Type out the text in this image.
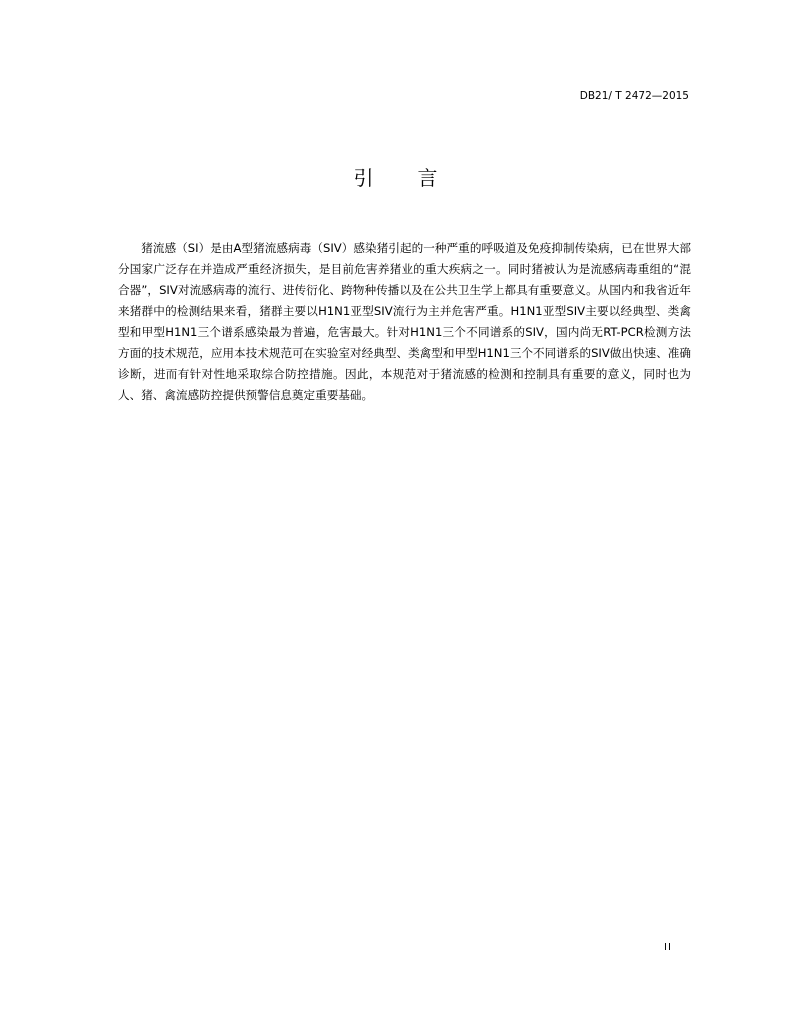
DB21/ T 2472—2015
引 言

猪流感（SI）是由A型猪流感病毒（SIV）感染猪引起的一种严重的呼吸道及免疫抑制传染病，已在世界大部分国家广泛存在并造成严重经济损失，是目前危害养猪业的重大疾病之一。同时猪被认为是流感病毒重组的“混合器”，SIV对流感病毒的流行、进传衍化、跨物种传播以及在公共卫生学上都具有重要意义。从国内和我省近年来猪群中的检测结果来看，猪群主要以H1N1亚型SIV流行为主并危害严重。H1N1亚型SIV主要以经典型、类禽型和甲型H1N1三个谱系感染最为普遍，危害最大。针对H1N1三个不同谱系的SIV，国内尚无RT-PCR检测方法方面的技术规范，应用本技术规范可在实验室对经典型、类禽型和甲型H1N1三个不同谱系的SIV做出快速、准确诊断，进而有针对性地采取综合防控措施。因此，本规范对于猪流感的检测和控制具有重要的意义，同时也为人、猪、禽流感防控提供预警信息奠定重要基础。

II
